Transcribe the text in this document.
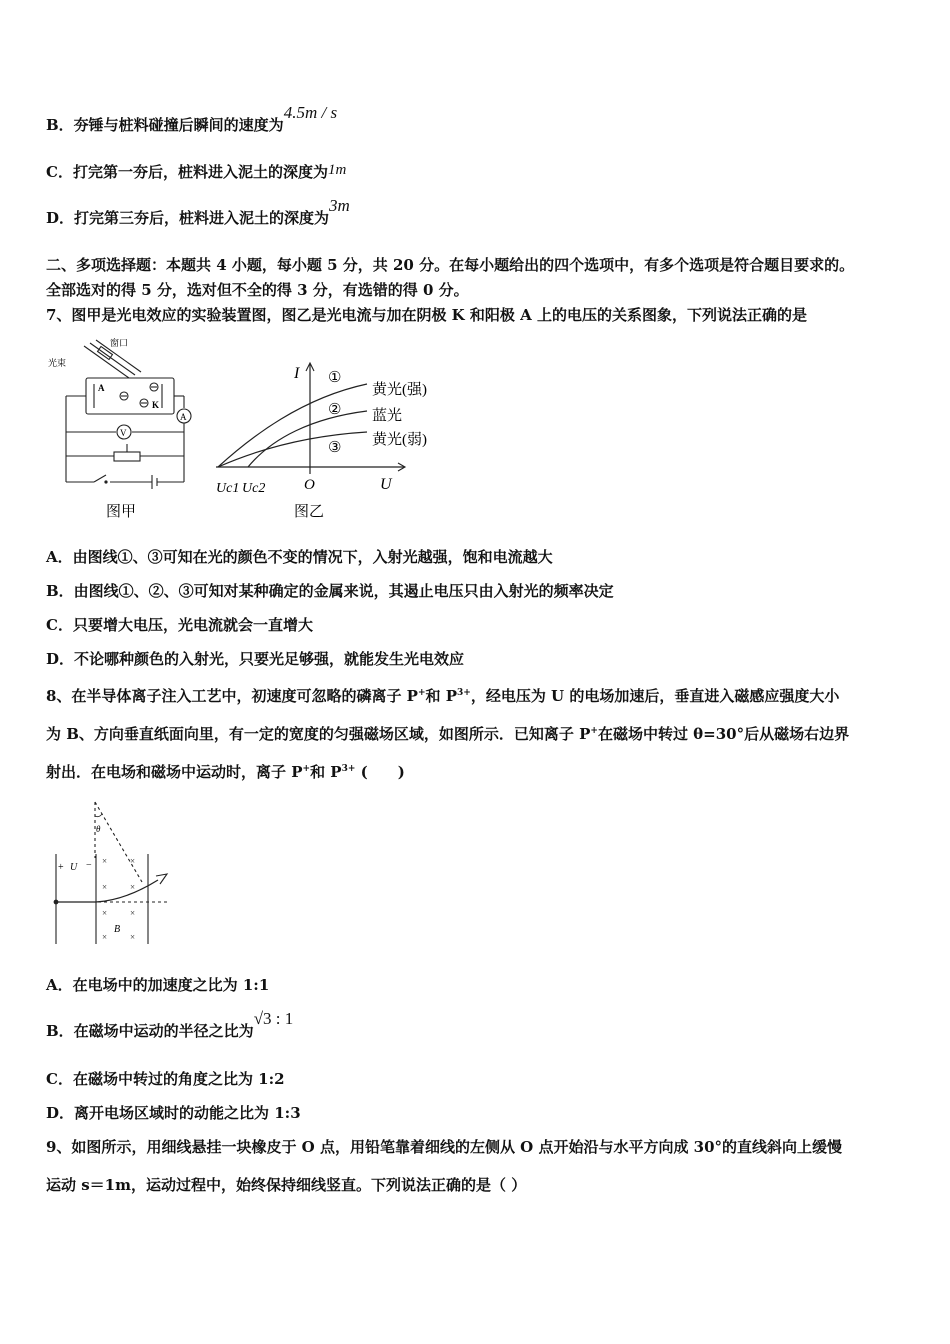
B．夯锤与桩料碰撞后瞬间的速度为4.5m / s
C．打完第一夯后，桩料进入泥土的深度为1m
D．打完第三夯后，桩料进入泥土的深度为3m
二、多项选择题：本题共 4 小题，每小题 5 分，共 20 分。在每小题给出的四个选项中，有多个选项是符合题目要求的。
全部选对的得 5 分，选对但不全的得 3 分，有选错的得 0 分。
7、图甲是光电效应的实验装置图，图乙是光电流与加在阴极 K 和阳极 A 上的电压的关系图象，下列说法正确的是
光束
窗口
A
K
A
V
图甲
I
U
O
Uc1 Uc2
①
黄光(强)
② 蓝光
③ 黄光(弱)
图乙
A．由图线①、③可知在光的颜色不变的情况下，入射光越强，饱和电流越大
B．由图线①、②、③可知对某种确定的金属来说，其遏止电压只由入射光的频率决定
C．只要增大电压，光电流就会一直增大
D．不论哪种颜色的入射光，只要光足够强，就能发生光电效应
8、在半导体离子注入工艺中，初速度可忽略的磷离子 P+和 $P^{3+}$，经电压为 U 的电场加速后，垂直进入磁感应强度大小
为 B、方向垂直纸面向里，有一定的宽度的匀强磁场区域，如图所示．已知离子 P+在磁场中转过 θ=30°后从磁场右边界
射出．在电场和磁场中运动时，离子 P+和 $P^{3+}$ (　　)
θ
+ U −
B
×	×
×	×
×	×
×	×
A．在电场中的加速度之比为 1:1
B．在磁场中运动的半径之比为√3 : 1
C．在磁场中转过的角度之比为 1:2
D．离开电场区域时的动能之比为 1:3
9、如图所示，用细线悬挂一块橡皮于 O 点，用铅笔靠着细线的左侧从 O 点开始沿与水平方向成 30°的直线斜向上缓慢
运动 s＝1m，运动过程中，始终保持细线竖直。下列说法正确的是（ ）
